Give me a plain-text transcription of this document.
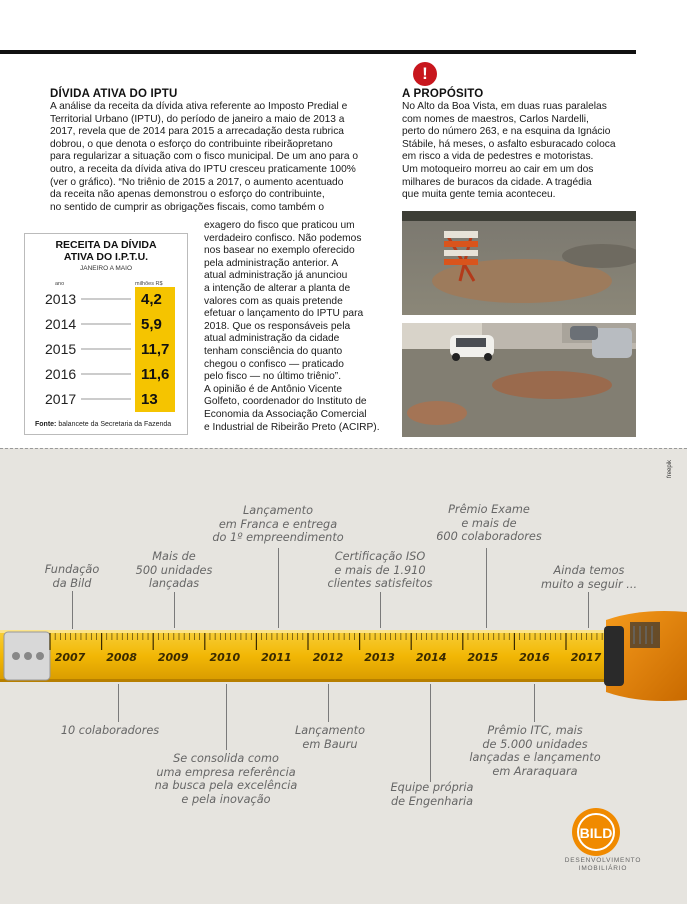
DÍVIDA ATIVA DO IPTU

A análise da receita da dívida ativa referente ao Imposto Predial e

Territorial Urbano (IPTU), do período de janeiro a maio de 2013 a

2017, revela que de 2014 para 2015 a arrecadação desta rubrica

dobrou, o que denota o esforço do contribuinte ribeirãopretano

para regularizar a situação com o fisco municipal. De um ano para o

outro, a receita da dívida ativa do IPTU cresceu praticamente 100%

(ver o gráfico). “No triênio de 2015 a 2017, o aumento acentuado

da receita não apenas demonstrou o esforço do contribuinte,

no sentido de cumprir as obrigações fiscais, como também o

exagero do fisco que praticou um

verdadeiro confisco. Não podemos

nos basear no exemplo oferecido

pela administração anterior. A

atual administração já anunciou

a intenção de alterar a planta de

valores com as quais pretende

efetuar o lançamento do IPTU para

2018. Que os responsáveis pela

atual administração da cidade

tenham consciência do quanto

chegou o confisco — praticado

pelo fisco — no último triênio”.

A opinião é de Antônio Vicente

Golfeto, coordenador do Instituto de

Economia da Associação Comercial

e Industrial de Ribeirão Preto (ACIRP).

RECEITA DA DÍVIDA
ATIVA DO I.P.T.U.
JANEIRO A MAIO
ano	milhões R$
2013	4,2
2014	5,9
2015	11,7
2016	11,6
2017	13
Fonte: balancete da Secretaria da Fazenda
!
A PROPÓSITO

No Alto da Boa Vista, em duas ruas paralelas

com nomes de maestros, Carlos Nardelli,

perto do número 263, e na esquina da Ignácio

Stábile, há meses, o asfalto esburacado coloca

em risco a vida de pedestres e motoristas.

Um motoqueiro morreu ao cair em um dos

milhares de buracos da cidade. A tragédia

que muita gente temia aconteceu.

freepik
Fundação
da Bild
Mais de
500 unidades
lançadas
Lançamento
em Franca e entrega
do 1º empreendimento
Certificação ISO
e mais de 1.910
clientes satisfeitos
Prêmio Exame
e mais de
600 colaboradores
Ainda temos
muito a seguir ...
10 colaboradores
Se consolida como
uma empresa referência
na busca pela excelência
e pela inovação
Lançamento
em Bauru
Equipe própria
de Engenharia
Prêmio ITC, mais
de 5.000 unidades
lançadas e lançamento
em Araraquara
2007 2008 2009 2010 2011 2012 2013 2014 2015 2016 2017
BILD
DESENVOLVIMENTO
IMOBILIÁRIO
